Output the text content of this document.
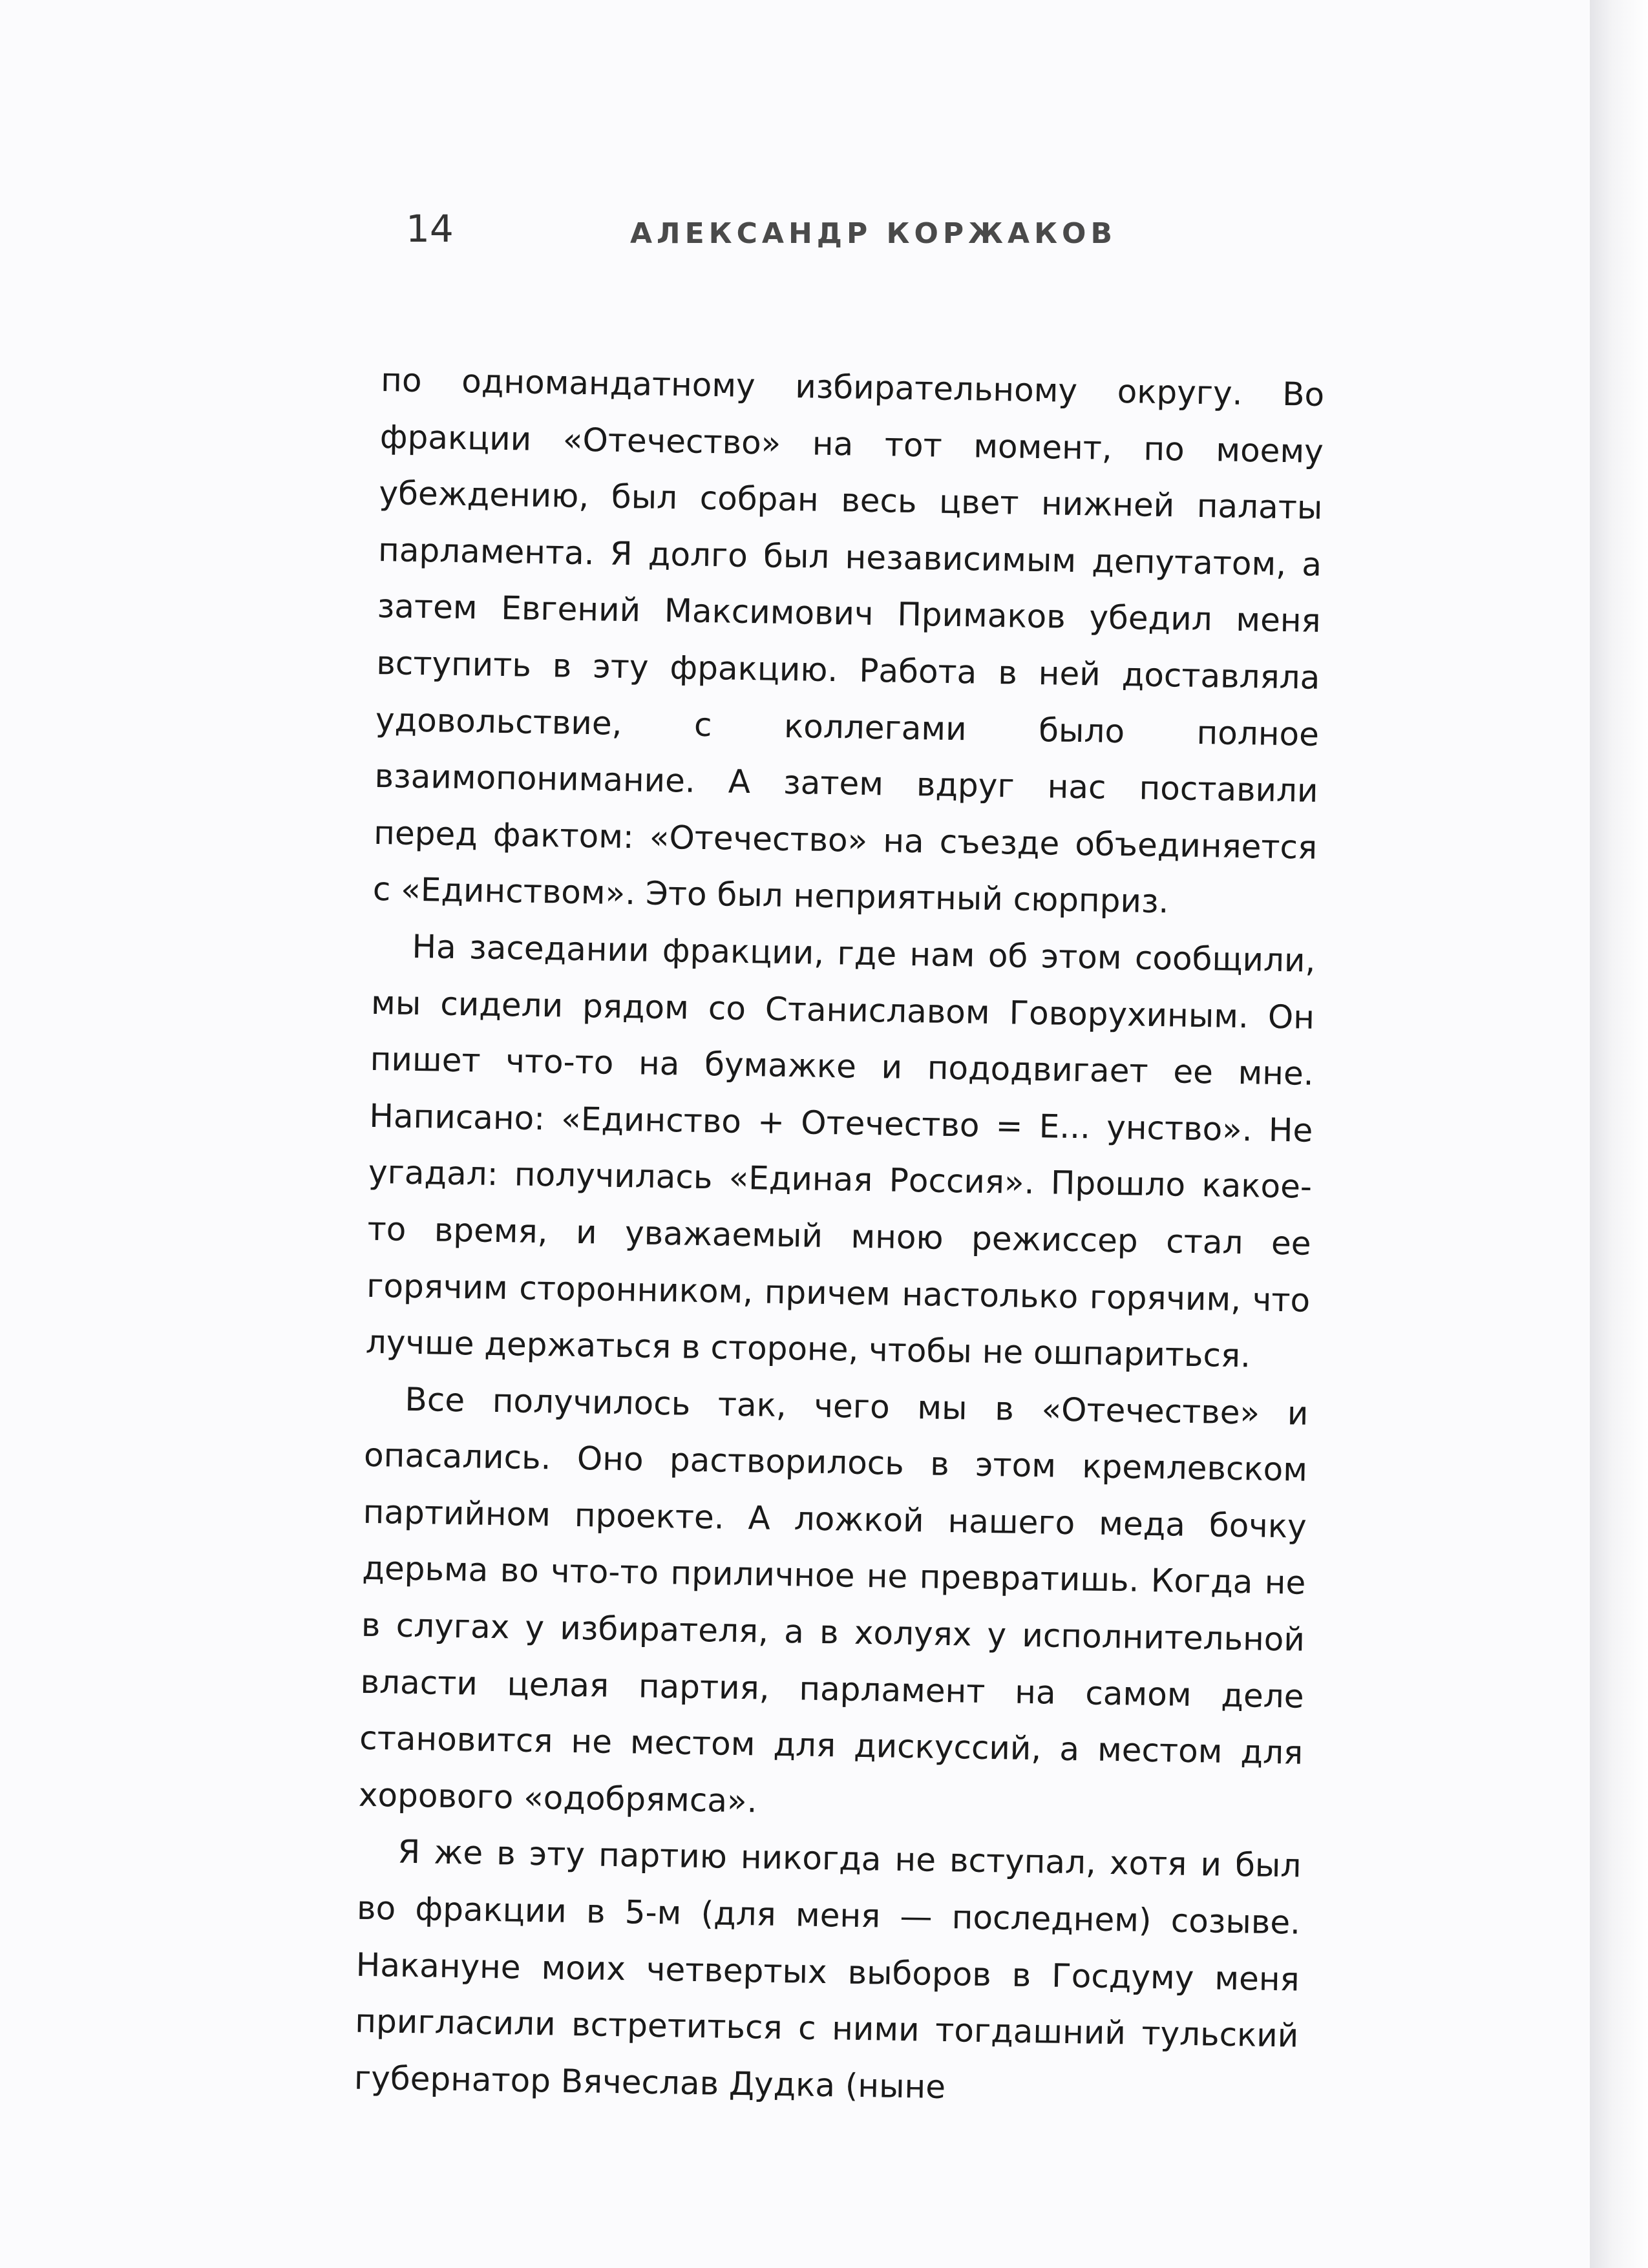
14	АЛЕКСАНДР КОРЖАКОВ

по одномандатному избирательному округу. Во фракции «Отечество» на тот момент, по моему убеждению, был собран весь цвет нижней палаты парламента. Я долго был независимым депутатом, а затем Евгений Максимович Примаков убедил меня вступить в эту фракцию. Работа в ней доставляла удовольствие, с коллегами было полное взаимопонимание. А затем вдруг нас поставили перед фактом: «Отечество» на съезде объединяется с «Единством». Это был неприятный сюрприз.

На заседании фракции, где нам об этом сообщили, мы сидели рядом со Станиславом Говорухиным. Он пишет что-то на бумажке и пододвигает ее мне. Написано: «Единство + Отечество = Е... унство». Не угадал: получилась «Единая Россия». Прошло какое-то время, и уважаемый мною режиссер стал ее горячим сторонником, причем настолько горячим, что лучше держаться в стороне, чтобы не ошпариться.

Все получилось так, чего мы в «Отечестве» и опасались. Оно растворилось в этом кремлевском партийном проекте. А ложкой нашего меда бочку дерьма во что-то приличное не превратишь. Когда не в слугах у избирателя, а в холуях у исполнительной власти целая партия, парламент на самом деле становится не местом для дискуссий, а местом для хорового «одобрямса».

Я же в эту партию никогда не вступал, хотя и был во фракции в 5-м (для меня — последнем) созыве. Накануне моих четвертых выборов в Госдуму меня пригласили встретиться с ними тогдашний тульский губернатор Вячеслав Дудка (ныне
